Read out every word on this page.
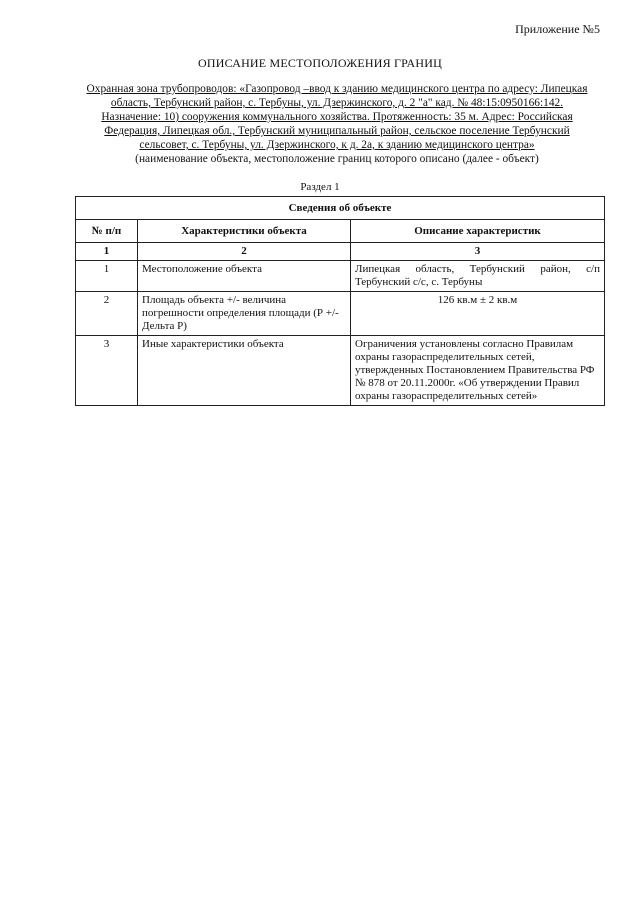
Приложение №5
ОПИСАНИЕ МЕСТОПОЛОЖЕНИЯ ГРАНИЦ
Охранная зона трубопроводов: «Газопровод –ввод к зданию медицинского центра по адресу: Липецкая
область, Тербунский район, с. Тербуны, ул. Дзержинского, д. 2 "а" кад. № 48:15:0950166:142.
Назначение: 10) сооружения коммунального хозяйства. Протяженность: 35 м. Адрес: Российская
Федерация, Липецкая обл., Тербунский муниципальный район, сельское поселение Тербунский
сельсовет, с. Тербуны, ул. Дзержинского, к д. 2а, к зданию медицинского центра»
(наименование объекта, местоположение границ которого описано (далее - объект)
Раздел 1
Сведения об объекте		
№ п/п	Характеристики объекта	Описание характеристик
1	2	3
1	Местоположение объекта	Липецкая область, Тербунский район, с/п Тербунский с/с, с. Тербуны
2	Площадь объекта +/- величина погрешности определения площади (Р +/- Дельта Р)	126 кв.м ± 2 кв.м
3	Иные характеристики объекта	Ограничения установлены согласно Правилам охраны газораспределительных сетей, утвержденных Постановлением Правительства РФ № 878 от 20.11.2000г. «Об утверждении Правил охраны газораспределительных сетей»
